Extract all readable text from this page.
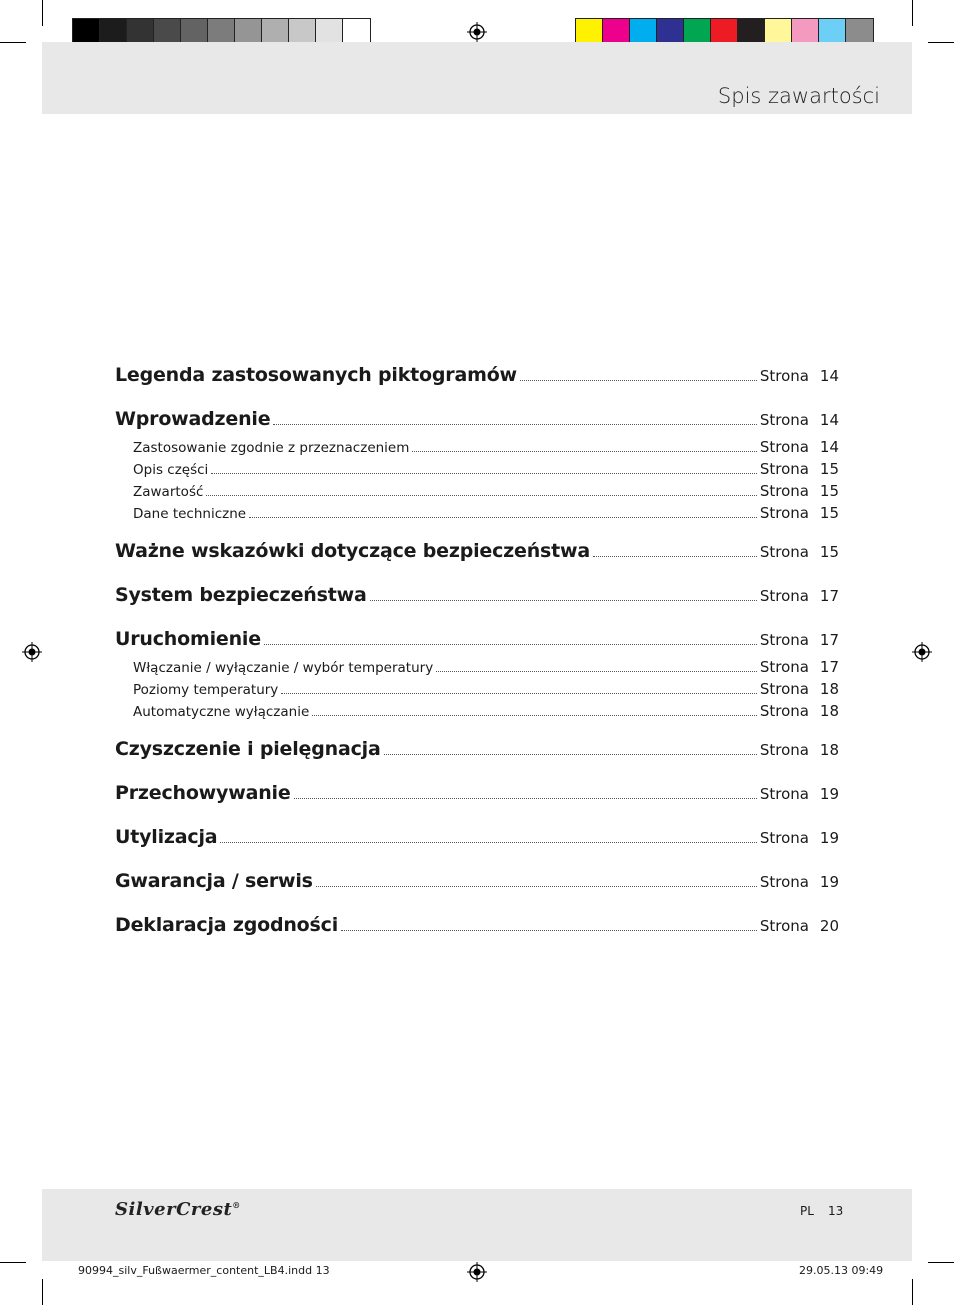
Spis zawartości
Legenda zastosowanych piktogramów	Strona 14
Wprowadzenie	Strona 14
Zastosowanie zgodnie z przeznaczeniem	Strona 14
Opis części	Strona 15
Zawartość	Strona 15
Dane techniczne	Strona 15
Ważne wskazówki dotyczące bezpieczeństwa	Strona 15
System bezpieczeństwa	Strona 17
Uruchomienie	Strona 17
Włączanie / wyłączanie / wybór temperatury	Strona 17
Poziomy temperatury	Strona 18
Automatyczne wyłączanie	Strona 18
Czyszczenie i pielęgnacja	Strona 18
Przechowywanie	Strona 19
Utylizacja	Strona 19
Gwarancja / serwis	Strona 19
Deklaracja zgodności	Strona 20
SilverCrest®	PL 13
90994_silv_Fußwaermer_content_LB4.indd 13	29.05.13 09:49
